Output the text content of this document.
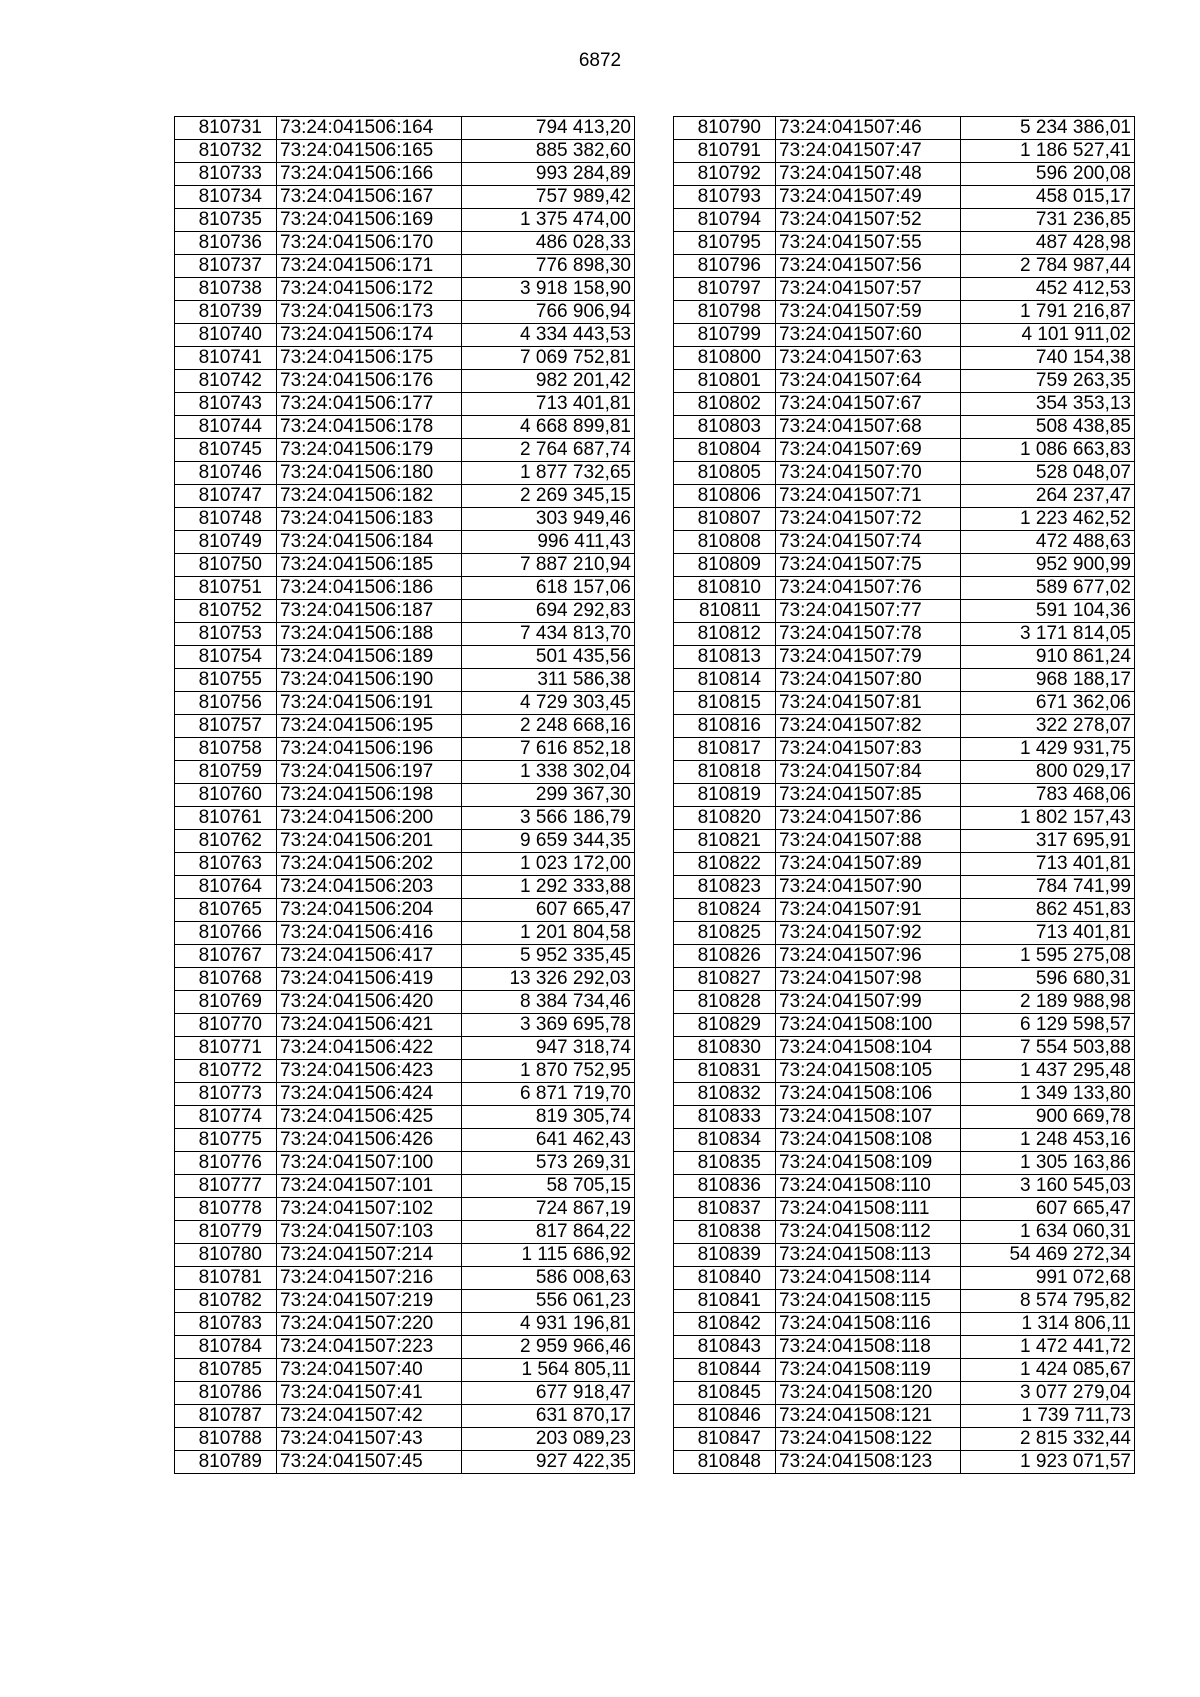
6872
810731	73:24:041506:164	794 413,20
810732	73:24:041506:165	885 382,60
810733	73:24:041506:166	993 284,89
810734	73:24:041506:167	757 989,42
810735	73:24:041506:169	1 375 474,00
810736	73:24:041506:170	486 028,33
810737	73:24:041506:171	776 898,30
810738	73:24:041506:172	3 918 158,90
810739	73:24:041506:173	766 906,94
810740	73:24:041506:174	4 334 443,53
810741	73:24:041506:175	7 069 752,81
810742	73:24:041506:176	982 201,42
810743	73:24:041506:177	713 401,81
810744	73:24:041506:178	4 668 899,81
810745	73:24:041506:179	2 764 687,74
810746	73:24:041506:180	1 877 732,65
810747	73:24:041506:182	2 269 345,15
810748	73:24:041506:183	303 949,46
810749	73:24:041506:184	996 411,43
810750	73:24:041506:185	7 887 210,94
810751	73:24:041506:186	618 157,06
810752	73:24:041506:187	694 292,83
810753	73:24:041506:188	7 434 813,70
810754	73:24:041506:189	501 435,56
810755	73:24:041506:190	311 586,38
810756	73:24:041506:191	4 729 303,45
810757	73:24:041506:195	2 248 668,16
810758	73:24:041506:196	7 616 852,18
810759	73:24:041506:197	1 338 302,04
810760	73:24:041506:198	299 367,30
810761	73:24:041506:200	3 566 186,79
810762	73:24:041506:201	9 659 344,35
810763	73:24:041506:202	1 023 172,00
810764	73:24:041506:203	1 292 333,88
810765	73:24:041506:204	607 665,47
810766	73:24:041506:416	1 201 804,58
810767	73:24:041506:417	5 952 335,45
810768	73:24:041506:419	13 326 292,03
810769	73:24:041506:420	8 384 734,46
810770	73:24:041506:421	3 369 695,78
810771	73:24:041506:422	947 318,74
810772	73:24:041506:423	1 870 752,95
810773	73:24:041506:424	6 871 719,70
810774	73:24:041506:425	819 305,74
810775	73:24:041506:426	641 462,43
810776	73:24:041507:100	573 269,31
810777	73:24:041507:101	58 705,15
810778	73:24:041507:102	724 867,19
810779	73:24:041507:103	817 864,22
810780	73:24:041507:214	1 115 686,92
810781	73:24:041507:216	586 008,63
810782	73:24:041507:219	556 061,23
810783	73:24:041507:220	4 931 196,81
810784	73:24:041507:223	2 959 966,46
810785	73:24:041507:40	1 564 805,11
810786	73:24:041507:41	677 918,47
810787	73:24:041507:42	631 870,17
810788	73:24:041507:43	203 089,23
810789	73:24:041507:45	927 422,35
810790	73:24:041507:46	5 234 386,01
810791	73:24:041507:47	1 186 527,41
810792	73:24:041507:48	596 200,08
810793	73:24:041507:49	458 015,17
810794	73:24:041507:52	731 236,85
810795	73:24:041507:55	487 428,98
810796	73:24:041507:56	2 784 987,44
810797	73:24:041507:57	452 412,53
810798	73:24:041507:59	1 791 216,87
810799	73:24:041507:60	4 101 911,02
810800	73:24:041507:63	740 154,38
810801	73:24:041507:64	759 263,35
810802	73:24:041507:67	354 353,13
810803	73:24:041507:68	508 438,85
810804	73:24:041507:69	1 086 663,83
810805	73:24:041507:70	528 048,07
810806	73:24:041507:71	264 237,47
810807	73:24:041507:72	1 223 462,52
810808	73:24:041507:74	472 488,63
810809	73:24:041507:75	952 900,99
810810	73:24:041507:76	589 677,02
810811	73:24:041507:77	591 104,36
810812	73:24:041507:78	3 171 814,05
810813	73:24:041507:79	910 861,24
810814	73:24:041507:80	968 188,17
810815	73:24:041507:81	671 362,06
810816	73:24:041507:82	322 278,07
810817	73:24:041507:83	1 429 931,75
810818	73:24:041507:84	800 029,17
810819	73:24:041507:85	783 468,06
810820	73:24:041507:86	1 802 157,43
810821	73:24:041507:88	317 695,91
810822	73:24:041507:89	713 401,81
810823	73:24:041507:90	784 741,99
810824	73:24:041507:91	862 451,83
810825	73:24:041507:92	713 401,81
810826	73:24:041507:96	1 595 275,08
810827	73:24:041507:98	596 680,31
810828	73:24:041507:99	2 189 988,98
810829	73:24:041508:100	6 129 598,57
810830	73:24:041508:104	7 554 503,88
810831	73:24:041508:105	1 437 295,48
810832	73:24:041508:106	1 349 133,80
810833	73:24:041508:107	900 669,78
810834	73:24:041508:108	1 248 453,16
810835	73:24:041508:109	1 305 163,86
810836	73:24:041508:110	3 160 545,03
810837	73:24:041508:111	607 665,47
810838	73:24:041508:112	1 634 060,31
810839	73:24:041508:113	54 469 272,34
810840	73:24:041508:114	991 072,68
810841	73:24:041508:115	8 574 795,82
810842	73:24:041508:116	1 314 806,11
810843	73:24:041508:118	1 472 441,72
810844	73:24:041508:119	1 424 085,67
810845	73:24:041508:120	3 077 279,04
810846	73:24:041508:121	1 739 711,73
810847	73:24:041508:122	2 815 332,44
810848	73:24:041508:123	1 923 071,57
